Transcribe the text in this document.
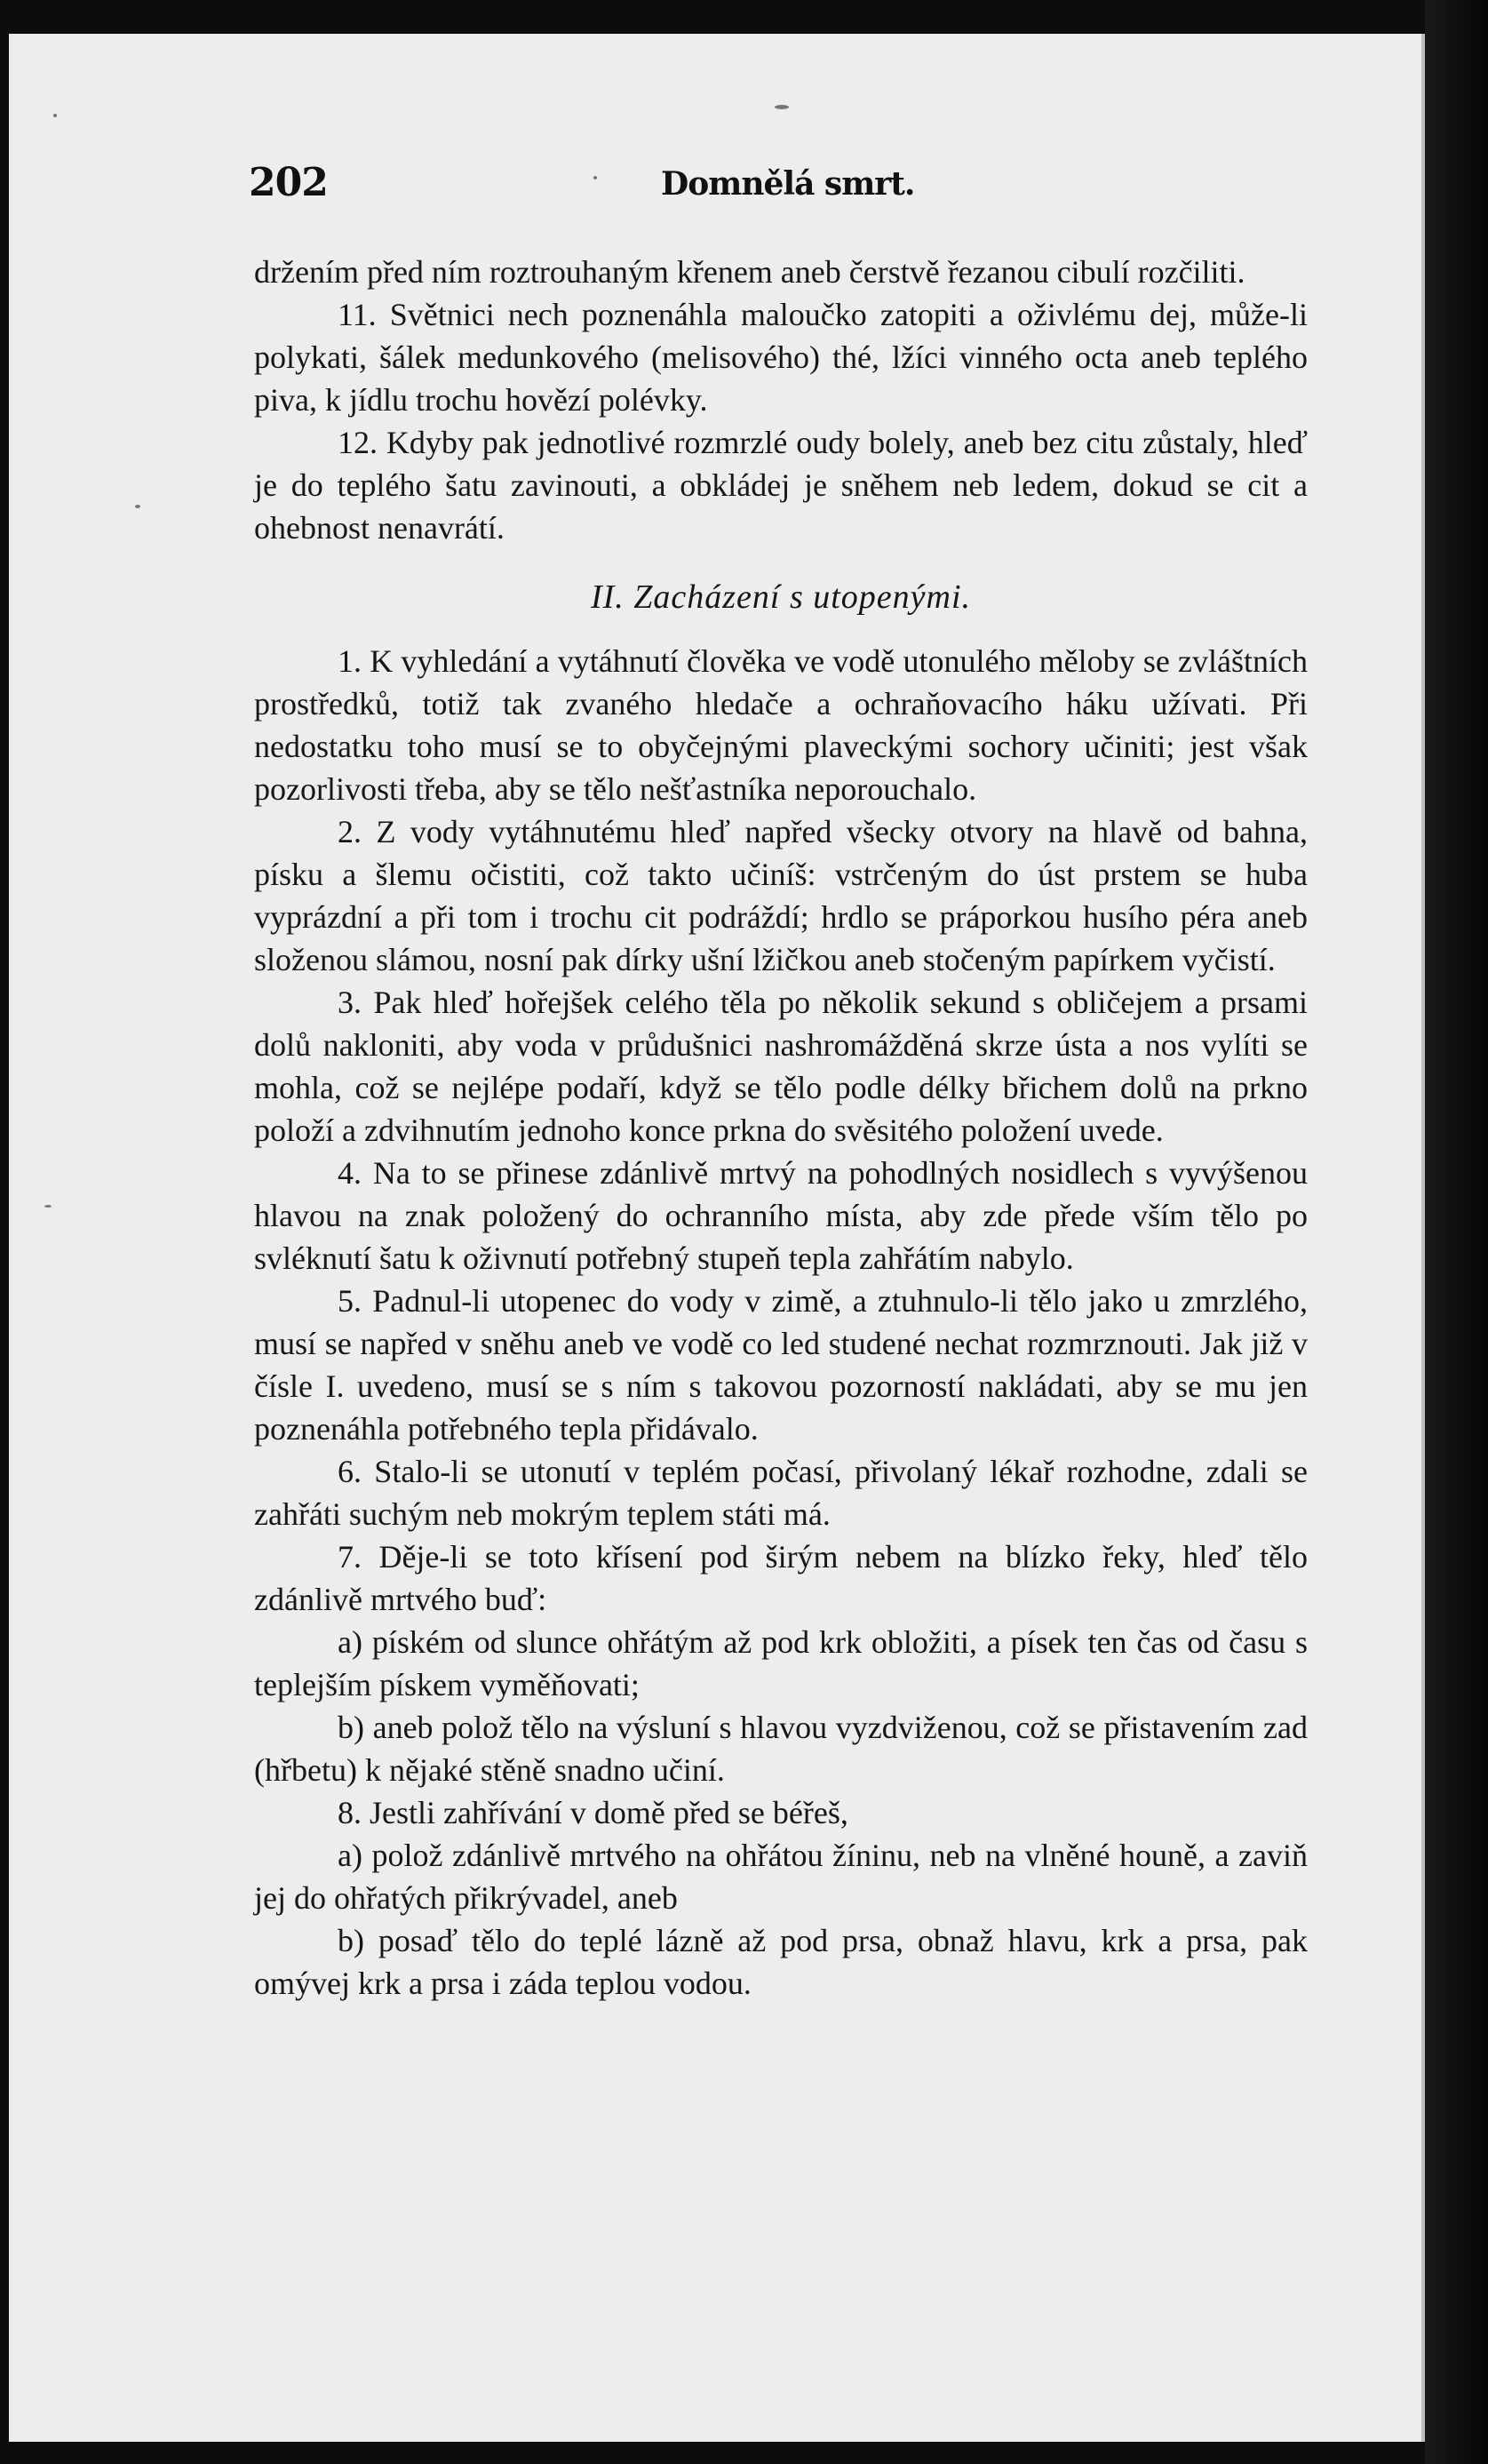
202	Domnělá smrt.

držením před ním roztrouhaným křenem aneb čerstvě řezanou cibulí rozčiliti.

11. Světnici nech poznenáhla maloučko zatopiti a oživlému dej, může-li polykati, šálek medunkového (melisového) thé, lžíci vinného octa aneb teplého piva, k jídlu trochu hovězí polévky.

12. Kdyby pak jednotlivé rozmrzlé oudy bolely, aneb bez citu zůstaly, hleď je do teplého šatu zavinouti, a obkládej je sněhem neb ledem, dokud se cit a ohebnost nenavrátí.

II. Zacházení s utopenými.

1. K vyhledání a vytáhnutí člověka ve vodě utonulého měloby se zvláštních prostředků, totiž tak zvaného hledače a ochraňovacího háku užívati. Při nedostatku toho musí se to obyčejnými plaveckými sochory učiniti; jest však pozorlivosti třeba, aby se tělo nešťastníka neporouchalo.

2. Z vody vytáhnutému hleď napřed všecky otvory na hlavě od bahna, písku a šlemu očistiti, což takto učiníš: vstrčeným do úst prstem se huba vyprázdní a při tom i trochu cit podráždí; hrdlo se práporkou husího péra aneb složenou slámou, nosní pak dírky ušní lžičkou aneb stočeným papírkem vyčistí.

3. Pak hleď hořejšek celého těla po několik sekund s obličejem a prsami dolů nakloniti, aby voda v průdušnici nashromážděná skrze ústa a nos vylíti se mohla, což se nejlépe podaří, když se tělo podle délky břichem dolů na prkno položí a zdvihnutím jednoho konce prkna do svěsitého položení uvede.

4. Na to se přinese zdánlivě mrtvý na pohodlných nosidlech s vyvýšenou hlavou na znak položený do ochranního místa, aby zde přede vším tělo po svléknutí šatu k oživnutí potřebný stupeň tepla zahřátím nabylo.

5. Padnul-li utopenec do vody v zimě, a ztuhnulo-li tělo jako u zmrzlého, musí se napřed v sněhu aneb ve vodě co led studené nechat rozmrznouti. Jak již v čísle I. uvedeno, musí se s ním s takovou pozorností nakládati, aby se mu jen poznenáhla potřebného tepla přidávalo.

6. Stalo-li se utonutí v teplém počasí, přivolaný lékař rozhodne, zdali se zahřáti suchým neb mokrým teplem státi má.

7. Děje-li se toto křísení pod širým nebem na blízko řeky, hleď tělo zdánlivě mrtvého buď:

a) píském od slunce ohřátým až pod krk obložiti, a písek ten čas od času s teplejším pískem vyměňovati;

b) aneb polož tělo na výsluní s hlavou vyzdviženou, což se přistavením zad (hřbetu) k nějaké stěně snadno učiní.

8. Jestli zahřívání v domě před se béřeš,

a) polož zdánlivě mrtvého na ohřátou žíninu, neb na vlněné houně, a zaviň jej do ohřatých přikrývadel, aneb

b) posaď tělo do teplé lázně až pod prsa, obnaž hlavu, krk a prsa, pak omývej krk a prsa i záda teplou vodou.
